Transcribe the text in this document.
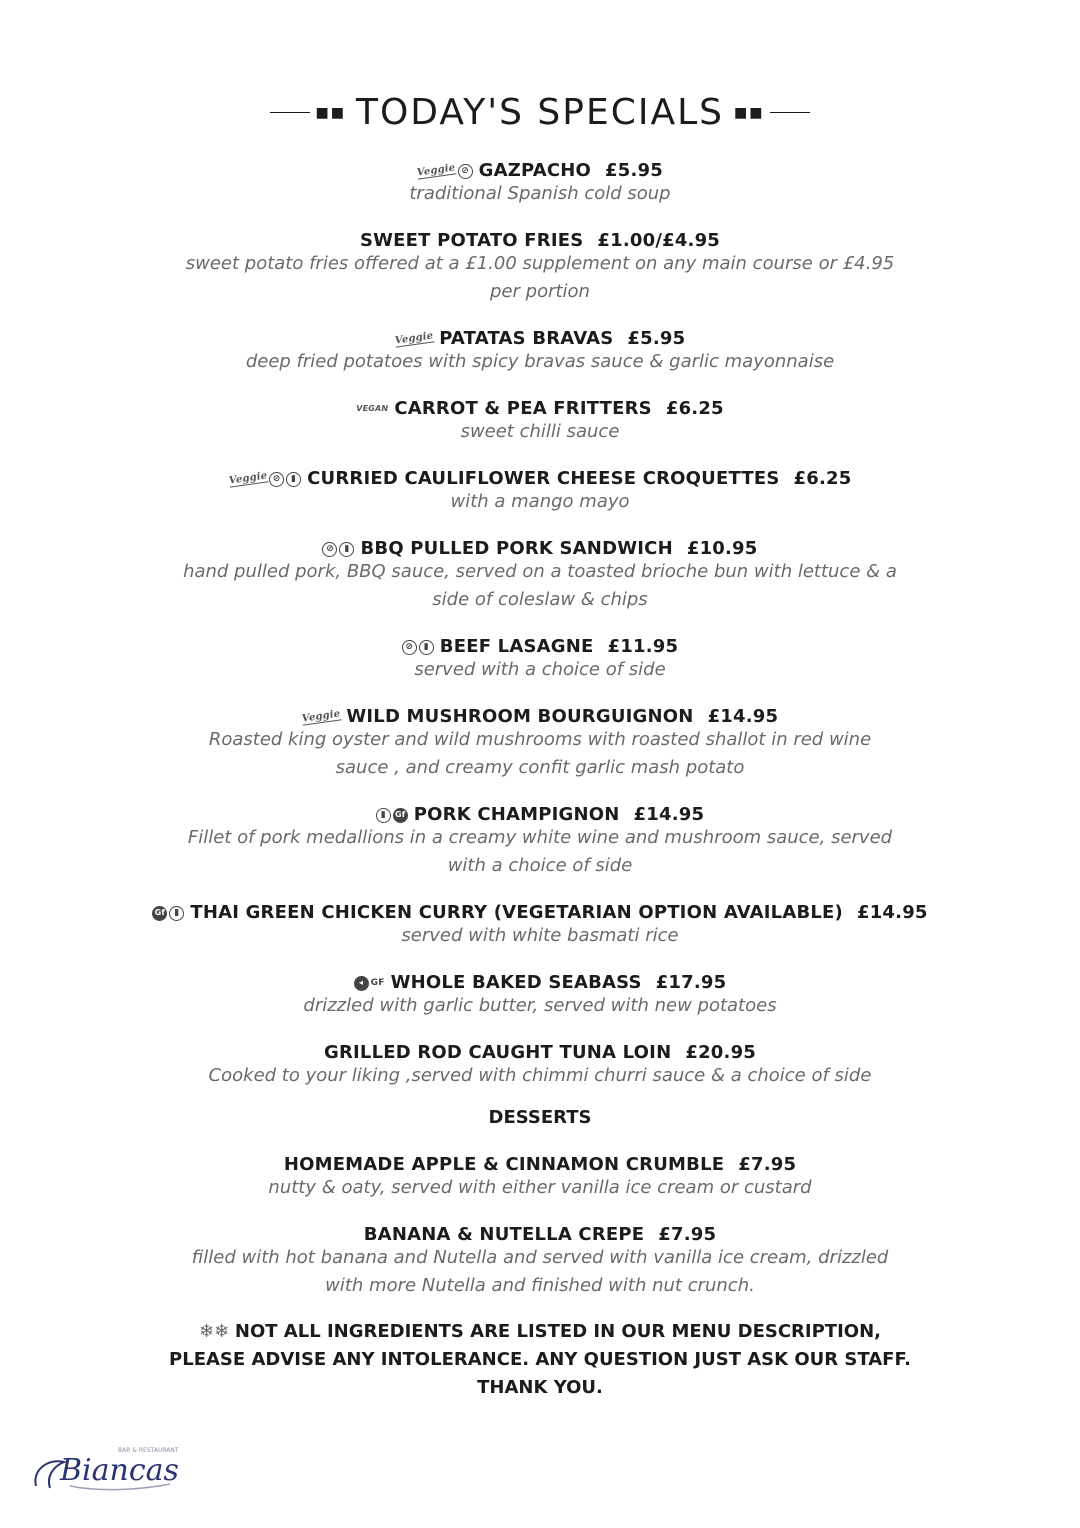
■■ TODAY'S SPECIALS ■■
Veggie ⊘ GAZPACHO £5.95
traditional Spanish cold soup
SWEET POTATO FRIES £1.00/£4.95
sweet potato fries offered at a £1.00 supplement on any main course or £4.95 per portion
Veggie PATATAS BRAVAS £5.95
deep fried potatoes with spicy bravas sauce & garlic mayonnaise
VEGAN CARROT & PEA FRITTERS £6.25
sweet chilli sauce
Veggie ⊘	▮ CURRIED CAULIFLOWER CHEESE CROQUETTES £6.25
with a mango mayo
⊘	▮ BBQ PULLED PORK SANDWICH £10.95
hand pulled pork, BBQ sauce, served on a toasted brioche bun with lettuce & a side of coleslaw & chips
⊘	▮ BEEF LASAGNE £11.95
served with a choice of side
Veggie WILD MUSHROOM BOURGUIGNON £14.95
Roasted king oyster and wild mushrooms with roasted shallot in red wine sauce , and creamy confit garlic mash potato
▮	Gf PORK CHAMPIGNON £14.95
Fillet of pork medallions in a creamy white wine and mushroom sauce, served with a choice of side
Gf	▮ THAI GREEN CHICKEN CURRY (VEGETARIAN OPTION AVAILABLE) £14.95
served with white basmati rice
◂ GF WHOLE BAKED SEABASS £17.95
drizzled with garlic butter, served with new potatoes
GRILLED ROD CAUGHT TUNA LOIN £20.95
Cooked to your liking ,served with chimmi churri sauce & a choice of side
DESSERTS
HOMEMADE APPLE & CINNAMON CRUMBLE £7.95
nutty & oaty, served with either vanilla ice cream or custard
BANANA & NUTELLA CREPE £7.95
filled with hot banana and Nutella and served with vanilla ice cream, drizzled with more Nutella and finished with nut crunch.
❄❄ NOT ALL INGREDIENTS ARE LISTED IN OUR MENU DESCRIPTION, PLEASE ADVISE ANY INTOLERANCE. ANY QUESTION JUST ASK OUR STAFF. THANK YOU.
Biancas
BAR & RESTAURANT
